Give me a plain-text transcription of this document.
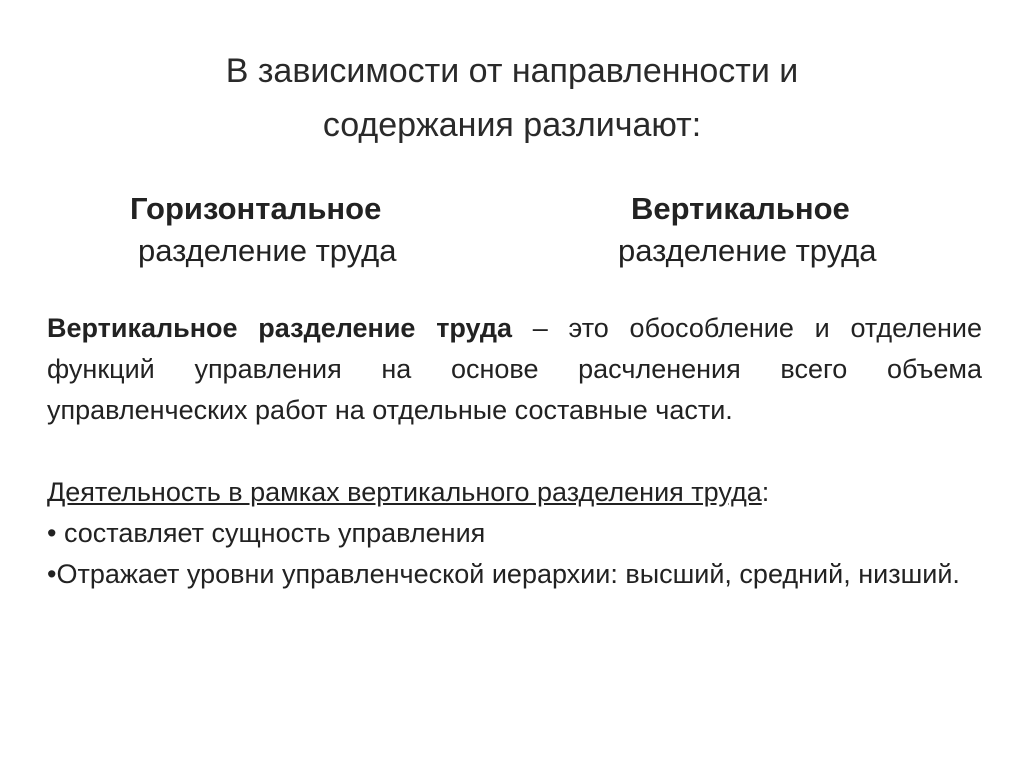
В зависимости от направленности и
содержания различают:
Горизонтальное
разделение труда
Вертикальное
разделение труда
Вертикальное разделение труда – это обособление и отделение функций управления на основе расчленения всего объема управленческих работ на отдельные составные части.
Деятельность в рамках вертикального разделения труда:
• составляет сущность управления
•Отражает уровни управленческой иерархии: высший, средний, низший.
